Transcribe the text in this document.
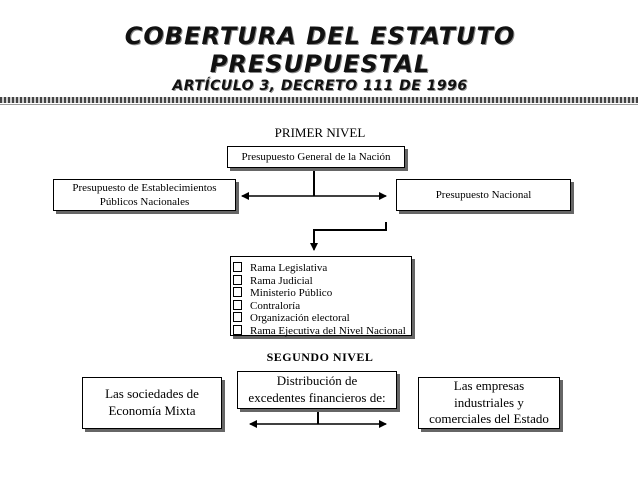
COBERTURA DEL ESTATUTO
PRESUPUESTAL
ARTÍCULO 3, DECRETO 111 DE 1996
PRIMER NIVEL
Presupuesto General de la Nación
Presupuesto de Establecimientos
Públicos Nacionales
Presupuesto Nacional
Rama Legislativa
Rama Judicial
Ministerio Público
Contraloría
Organización electoral
Rama Ejecutiva del Nivel Nacional
SEGUNDO NIVEL
Distribución de
excedentes financieros de:
Las sociedades de
Economía Mixta
Las empresas
industriales y
comerciales del Estado
